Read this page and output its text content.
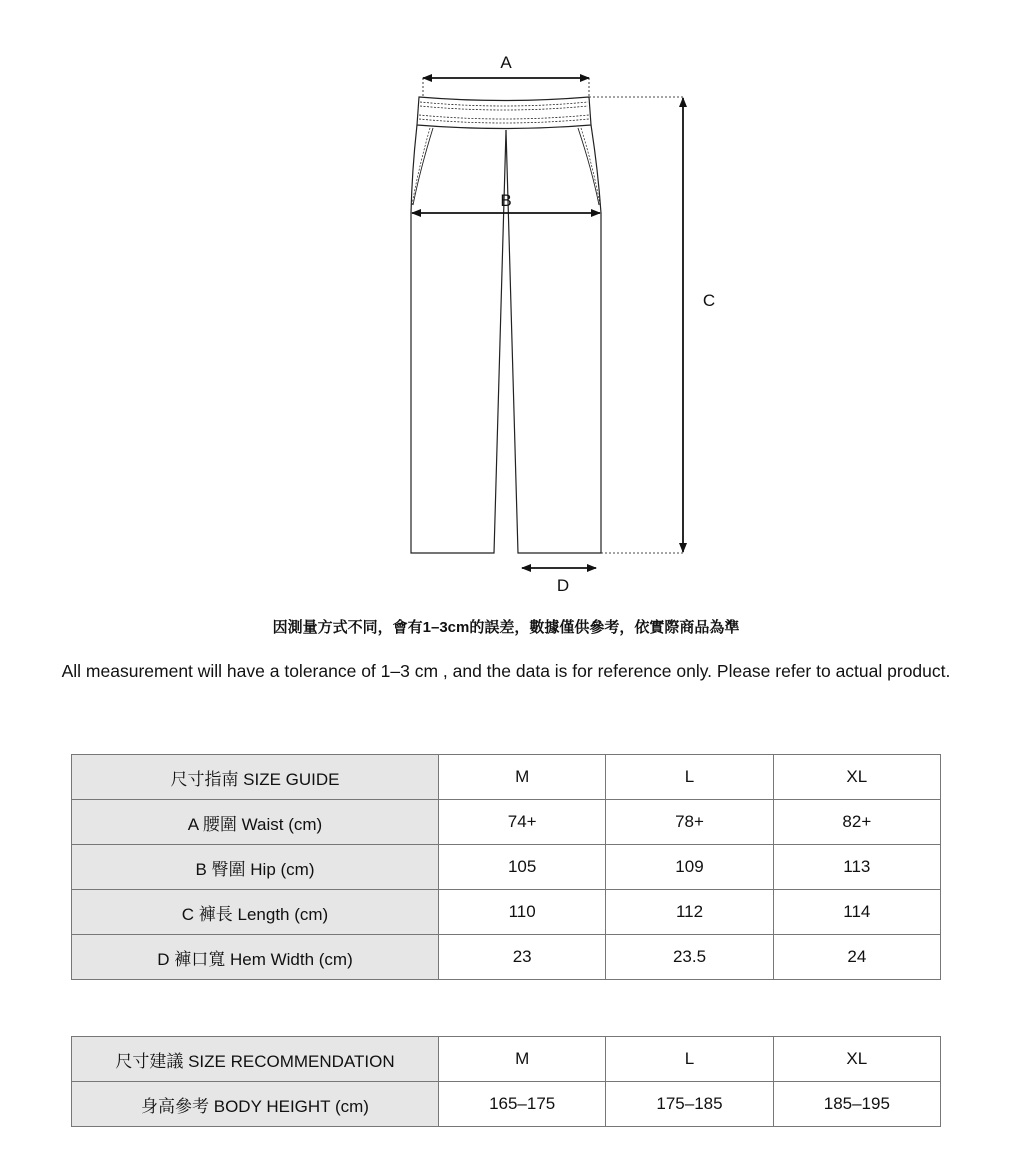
A
B
C
D
因測量方式不同，會有1–3cm的誤差，數據僅供參考，依實際商品為準
All measurement will have a tolerance of 1–3 cm , and the data is for reference only. Please refer to actual product.
尺寸指南 SIZE GUIDE	M	L	XL
A 腰圍 Waist (cm)	74+	78+	82+
B 臀圍 Hip (cm)	105	109	113
C 褲長 Length (cm)	110	112	114
D 褲口寬 Hem Width (cm)	23	23.5	24
尺寸建議 SIZE RECOMMENDATION	M	L	XL
身高參考 BODY HEIGHT (cm)	165–175	175–185	185–195
